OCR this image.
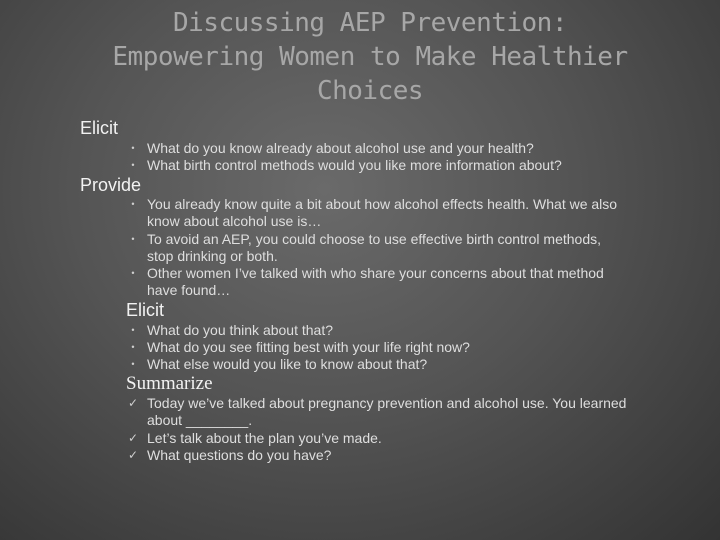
Discussing AEP Prevention:
Empowering Women to Make Healthier
Choices
Elicit
• What do you know already about alcohol use and your health?
• What birth control methods would you like more information about?
Provide
• You already know quite a bit about how alcohol effects health. What we also know about alcohol use is…
• To avoid an AEP, you could choose to use effective birth control methods, stop drinking or both.
• Other women I’ve talked with who share your concerns about that method have found…
Elicit
• What do you think about that?
• What do you see fitting best with your life right now?
• What else would you like to know about that?
Summarize
✓ Today we’ve talked about pregnancy prevention and alcohol use. You learned about ________.
✓ Let’s talk about the plan you’ve made.
✓ What questions do you have?
